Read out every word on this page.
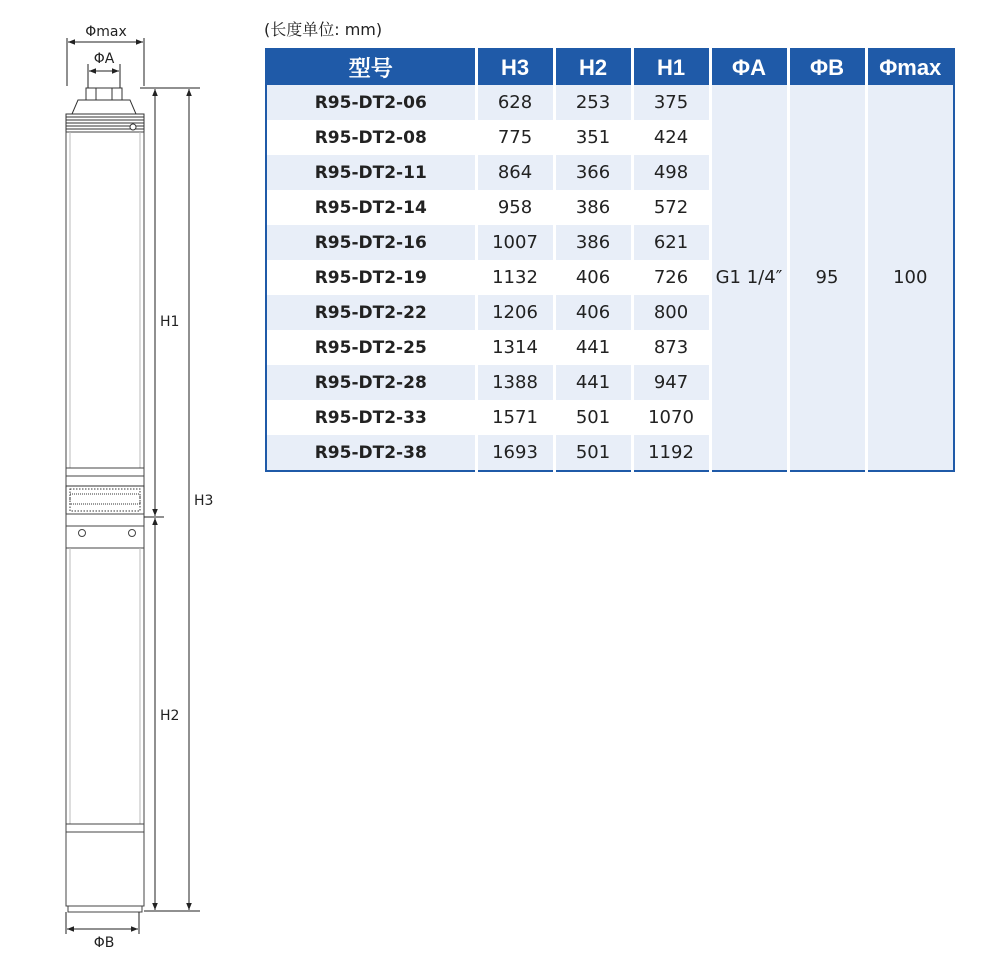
Φmax
ΦA
H1
H2
H3
ΦB
(长度单位: mm)
型号	H3	H2	H1	ΦA	ΦB	Φmax
R95-DT2-06	628	253	375	G1 1/4″	95	100
R95-DT2-08	775	351	424			
R95-DT2-11	864	366	498			
R95-DT2-14	958	386	572			
R95-DT2-16	1007	386	621			
R95-DT2-19	1132	406	726			
R95-DT2-22	1206	406	800			
R95-DT2-25	1314	441	873			
R95-DT2-28	1388	441	947			
R95-DT2-33	1571	501	1070			
R95-DT2-38	1693	501	1192			
